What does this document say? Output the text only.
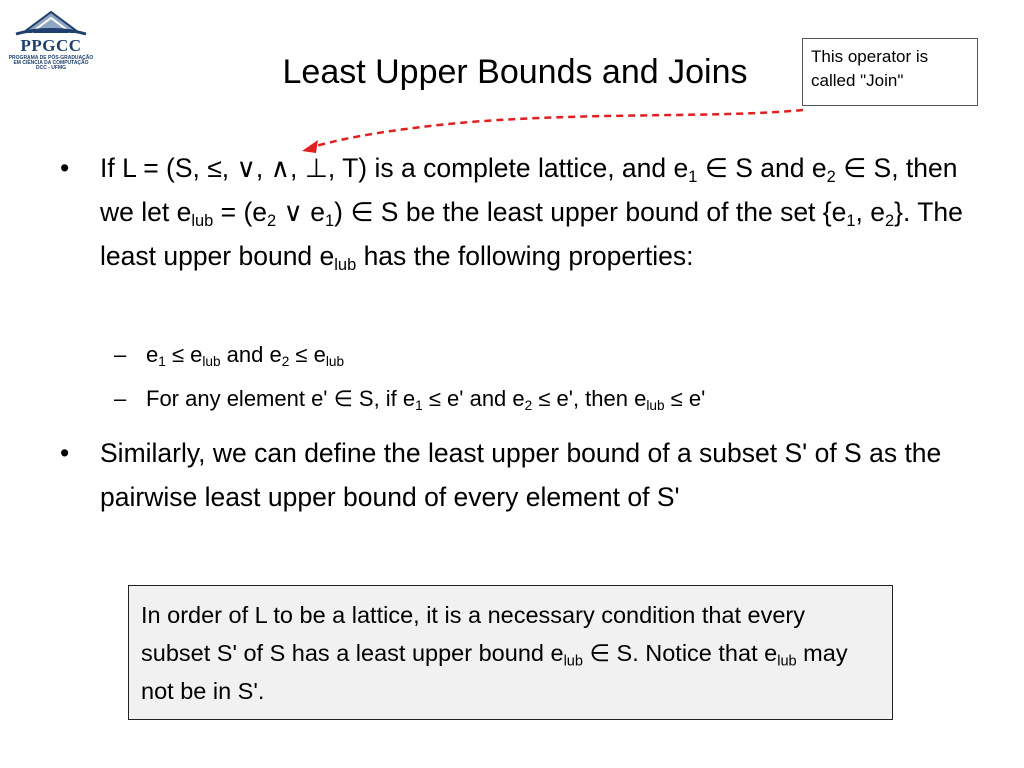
PPGCC
PROGRAMA DE PÓS-GRADUAÇÃO
EM CIÊNCIA DA COMPUTAÇÃO
DCC - UFMG	Least Upper Bounds and Joins	This operator is called "Join"
•	If L = (S, ≤, ∨, ∧, ⊥, T) is a complete lattice, and $e_1$ ∈ S and $e_2$ ∈ S, then we let $e_{lub} = (e_2$ ∨ $e_1$) ∈ S be the least upper bound of the set {$e_1$, $e_2$}. The least upper bound $e_{lub}$ has the following properties:
– $e_1 \le e_{lub}$ and $e_2 \le e_{lub}$
– For any element e' ∈ S, if $e_1 \le e'$ and $e_2 \le e'$, then $e_{lub} \le e'$
•	Similarly, we can define the least upper bound of a subset S' of S as the pairwise least upper bound of every element of S'
In order of L to be a lattice, it is a necessary condition that every subset S' of S has a least upper bound $e_{lub}$ ∈ S. Notice that $e_{lub}$ may not be in S'.
